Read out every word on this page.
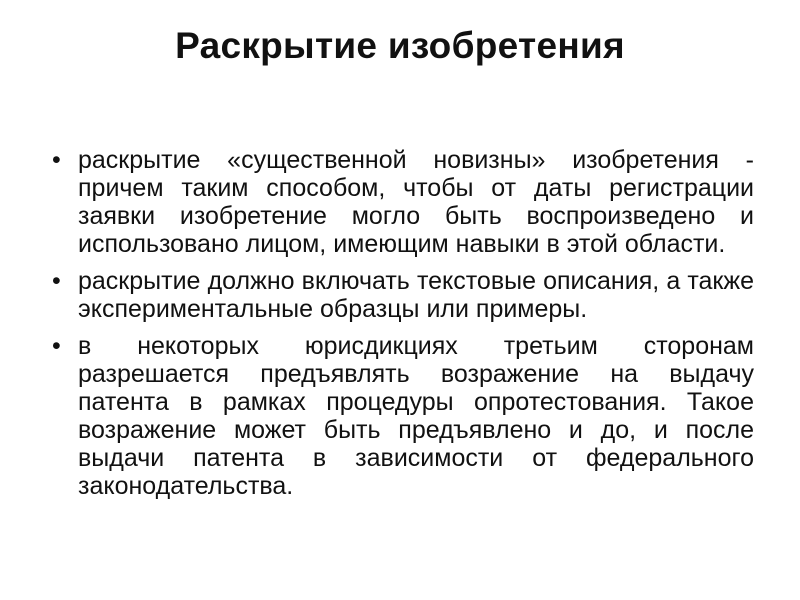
Раскрытие изобретения
• раскрытие «существенной новизны» изобретения - причем таким способом, чтобы от даты регистрации заявки изобретение могло быть воспроизведено и использовано лицом, имеющим навыки в этой области.
• раскрытие должно включать текстовые описания, а также экспериментальные образцы или примеры.
• в некоторых юрисдикциях третьим сторонам разрешается предъявлять возражение на выдачу патента в рамках процедуры опротестования. Такое возражение может быть предъявлено и до, и после выдачи патента в зависимости от федерального законодательства.
